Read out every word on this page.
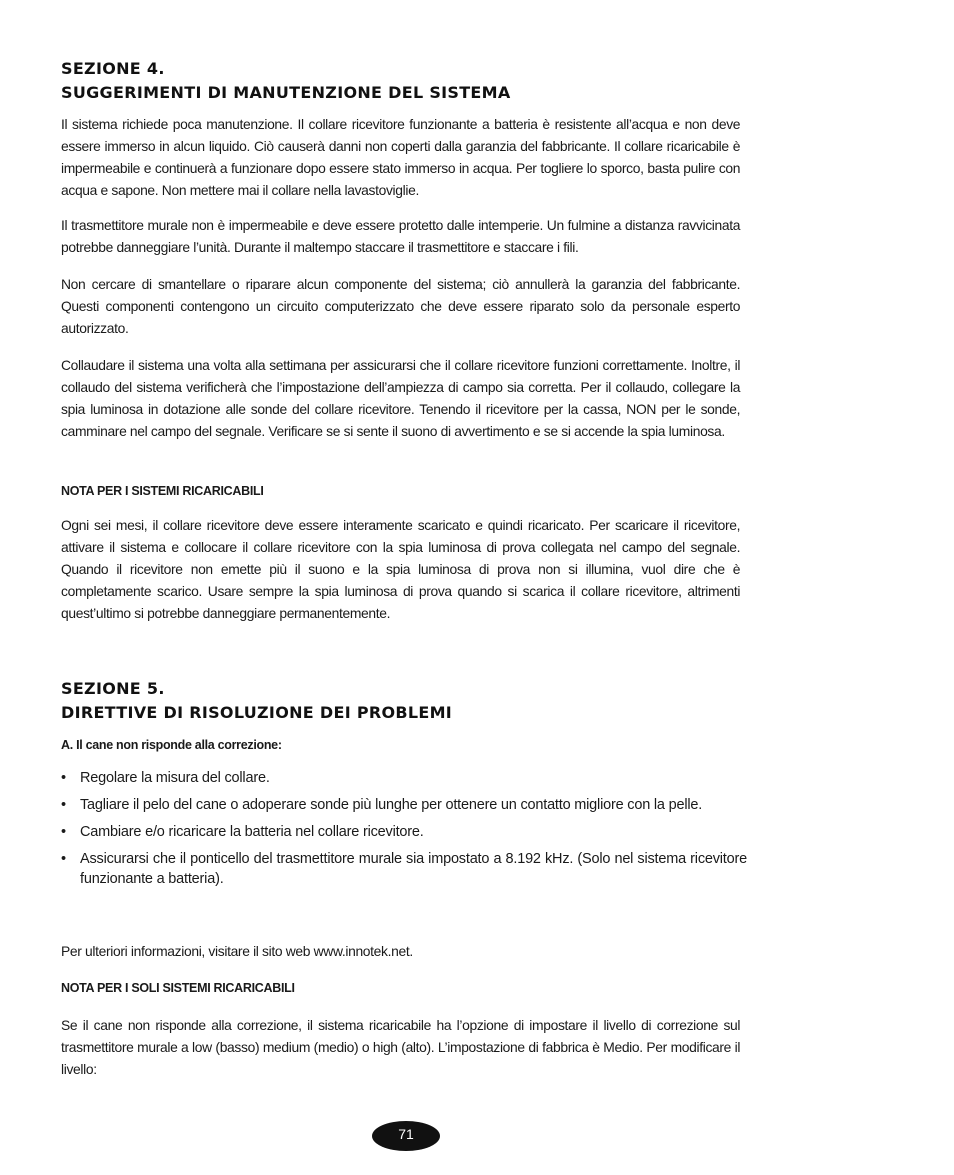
SEZIONE 4.
SUGGERIMENTI DI MANUTENZIONE DEL SISTEMA

Il sistema richiede poca manutenzione. Il collare ricevitore funzionante a batteria è resistente all’acqua e non deve essere immerso in alcun liquido. Ciò causerà danni non coperti dalla garanzia del fabbricante. Il collare ricaricabile è impermeabile e continuerà a funzionare dopo essere stato immerso in acqua. Per togliere lo sporco, basta pulire con acqua e sapone. Non mettere mai il collare nella lavastoviglie.

Il trasmettitore murale non è impermeabile e deve essere protetto dalle intemperie. Un fulmine a distanza ravvicinata potrebbe danneggiare l’unità. Durante il maltempo staccare il trasmettitore e staccare i fili.

Non cercare di smantellare o riparare alcun componente del sistema; ciò annullerà la garanzia del fabbricante. Questi componenti contengono un circuito computerizzato che deve essere riparato solo da personale esperto autorizzato.

Collaudare il sistema una volta alla settimana per assicurarsi che il collare ricevitore funzioni correttamente. Inoltre, il collaudo del sistema verificherà che l’impostazione dell’ampiezza di campo sia corretta. Per il collaudo, collegare la spia luminosa in dotazione alle sonde del collare ricevitore. Tenendo il ricevitore per la cassa, NON per le sonde, camminare nel campo del segnale. Verificare se si sente il suono di avvertimento e se si accende la spia luminosa.

NOTA PER I SISTEMI RICARICABILI

Ogni sei mesi, il collare ricevitore deve essere interamente scaricato e quindi ricaricato. Per scaricare il ricevitore, attivare il sistema e collocare il collare ricevitore con la spia luminosa di prova collegata nel campo del segnale. Quando il ricevitore non emette più il suono e la spia luminosa di prova non si illumina, vuol dire che è completamente scarico. Usare sempre la spia luminosa di prova quando si scarica il collare ricevitore, altrimenti quest’ultimo si potrebbe danneggiare permanentemente.

SEZIONE 5.
DIRETTIVE DI RISOLUZIONE DEI PROBLEMI
A. Il cane non risponde alla correzione:
• Regolare la misura del collare.
• Tagliare il pelo del cane o adoperare sonde più lunghe per ottenere un contatto migliore con la pelle.
• Cambiare e/o ricaricare la batteria nel collare ricevitore.
• Assicurarsi che il ponticello del trasmettitore murale sia impostato a 8.192 kHz. (Solo nel sistema ricevitore funzionante a batteria).

Per ulteriori informazioni, visitare il sito web www.innotek.net.

NOTA PER I SOLI SISTEMI RICARICABILI

Se il cane non risponde alla correzione, il sistema ricaricabile ha l’opzione di impostare il livello di correzione sul trasmettitore murale a low (basso) medium (medio) o high (alto). L’impostazione di fabbrica è Medio. Per modificare il livello:

71
